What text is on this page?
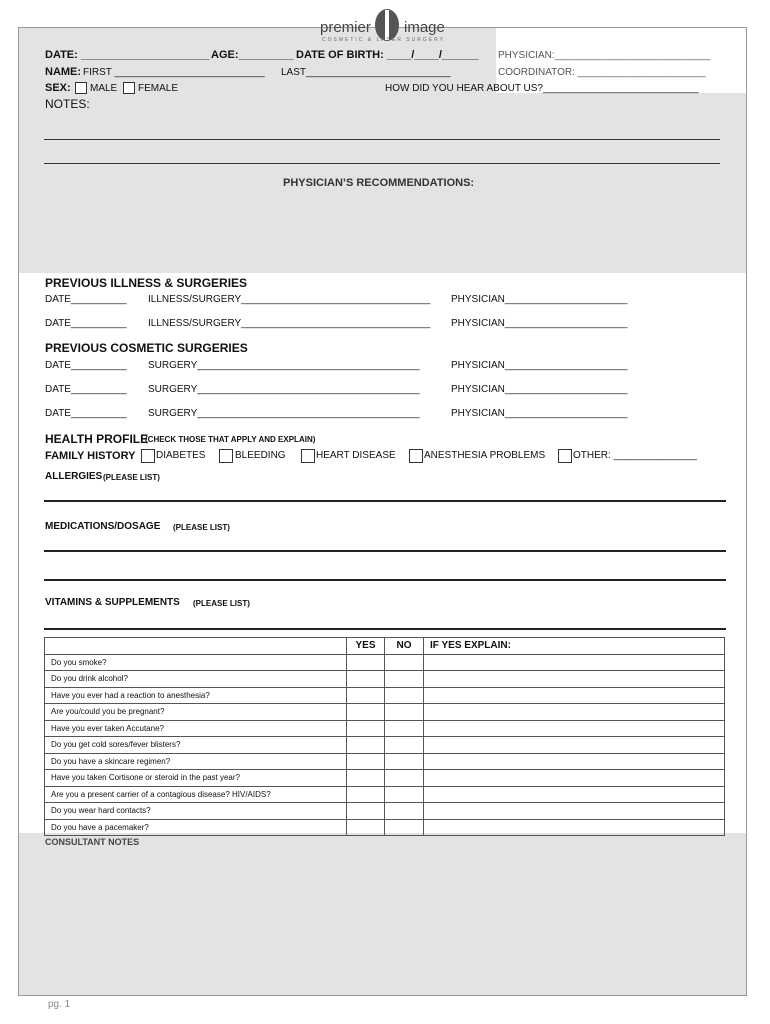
premier image
COSMETIC & LASER SURGERY
DATE: _____________________ AGE:_________ DATE OF BIRTH: ____/____/______ PHYSICIAN:____________________________
NAME: FIRST ___________________________ LAST__________________________	COORDINATOR: _______________________
SEX: MALE FEMALE	HOW DID YOU HEAR ABOUT US?____________________________
NOTES:
PHYSICIAN’S RECOMMENDATIONS:
PREVIOUS ILLNESS & SURGERIES
DATE__________ ILLNESS/SURGERY__________________________________ PHYSICIAN______________________
DATE__________ ILLNESS/SURGERY__________________________________ PHYSICIAN______________________
PREVIOUS COSMETIC SURGERIES
DATE__________ SURGERY________________________________________	PHYSICIAN______________________
DATE__________ SURGERY________________________________________	PHYSICIAN______________________
DATE__________ SURGERY________________________________________	PHYSICIAN______________________
HEALTH PROFILE
(CHECK THOSE THAT APPLY AND EXPLAIN)
FAMILY HISTORY DIABETES	BLEEDING	HEART DISEASE	ANESTHESIA PROBLEMS	OTHER: _______________
ALLERGIES (PLEASE LIST)
MEDICATIONS/DOSAGE (PLEASE LIST)
VITAMINS & SUPPLEMENTS (PLEASE LIST)
	YES	NO	IF YES EXPLAIN:
Do you smoke?			
Do you drink alcohol?			
Have you ever had a reaction to anesthesia?			
Are you/could you be pregnant?			
Have you ever taken Accutane?			
Do you get cold sores/fever blisters?			
Do you have a skincare regimen?			
Have you taken Cortisone or steroid in the past year?			
Are you a present carrier of a contagious disease? HIV/AIDS?			
Do you wear hard contacts?			
Do you have a pacemaker?			
CONSULTANT NOTES
pg. 1
